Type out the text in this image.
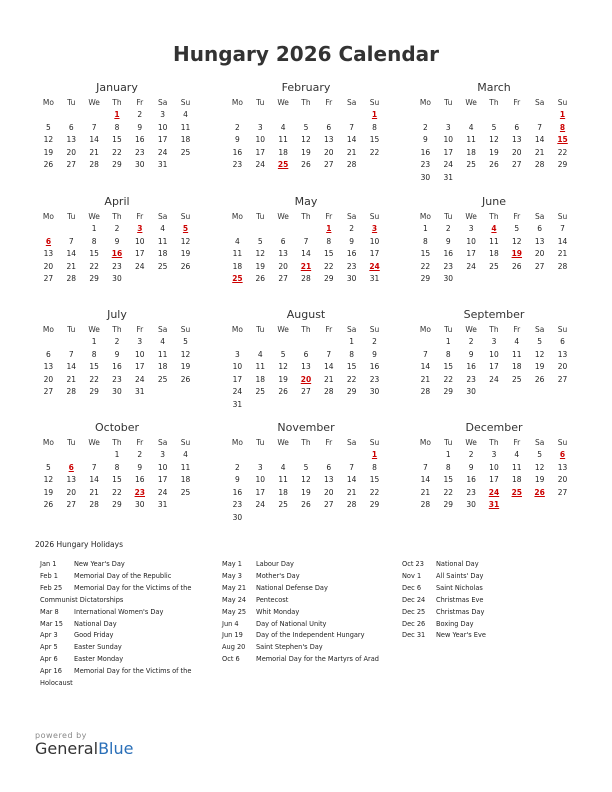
Hungary 2026 Calendar
January
Mo	Tu	We	Th	Fr	Sa	Su
			1	2	3	4
5	6	7	8	9	10	11
12	13	14	15	16	17	18
19	20	21	22	23	24	25
26	27	28	29	30	31	
February
Mo	Tu	We	Th	Fr	Sa	Su
						1
2	3	4	5	6	7	8
9	10	11	12	13	14	15
16	17	18	19	20	21	22
23	24	25	26	27	28	
March
Mo	Tu	We	Th	Fr	Sa	Su
						1
2	3	4	5	6	7	8
9	10	11	12	13	14	15
16	17	18	19	20	21	22
23	24	25	26	27	28	29
30	31					
April
Mo	Tu	We	Th	Fr	Sa	Su
		1	2	3	4	5
6	7	8	9	10	11	12
13	14	15	16	17	18	19
20	21	22	23	24	25	26
27	28	29	30			
May
Mo	Tu	We	Th	Fr	Sa	Su
				1	2	3
4	5	6	7	8	9	10
11	12	13	14	15	16	17
18	19	20	21	22	23	24
25	26	27	28	29	30	31
June
Mo	Tu	We	Th	Fr	Sa	Su
1	2	3	4	5	6	7
8	9	10	11	12	13	14
15	16	17	18	19	20	21
22	23	24	25	26	27	28
29	30					
July
Mo	Tu	We	Th	Fr	Sa	Su
		1	2	3	4	5
6	7	8	9	10	11	12
13	14	15	16	17	18	19
20	21	22	23	24	25	26
27	28	29	30	31		
August
Mo	Tu	We	Th	Fr	Sa	Su
					1	2
3	4	5	6	7	8	9
10	11	12	13	14	15	16
17	18	19	20	21	22	23
24	25	26	27	28	29	30
31						
September
Mo	Tu	We	Th	Fr	Sa	Su
	1	2	3	4	5	6
7	8	9	10	11	12	13
14	15	16	17	18	19	20
21	22	23	24	25	26	27
28	29	30				
October
Mo	Tu	We	Th	Fr	Sa	Su
			1	2	3	4
5	6	7	8	9	10	11
12	13	14	15	16	17	18
19	20	21	22	23	24	25
26	27	28	29	30	31	
November
Mo	Tu	We	Th	Fr	Sa	Su
						1
2	3	4	5	6	7	8
9	10	11	12	13	14	15
16	17	18	19	20	21	22
23	24	25	26	27	28	29
30						
December
Mo	Tu	We	Th	Fr	Sa	Su
	1	2	3	4	5	6
7	8	9	10	11	12	13
14	15	16	17	18	19	20
21	22	23	24	25	26	27
28	29	30	31			
2026 Hungary Holidays
Jan 1	New Year's Day
Feb 1	Memorial Day of the Republic
Feb 25	Memorial Day for the Victims of the
Communist Dictatorships
Mar 8	International Women's Day
Mar 15	National Day
Apr 3	Good Friday
Apr 5	Easter Sunday
Apr 6	Easter Monday
Apr 16	Memorial Day for the Victims of the
Holocaust
May 1	Labour Day
May 3	Mother's Day
May 21	National Defense Day
May 24	Pentecost
May 25	Whit Monday
Jun 4	Day of National Unity
Jun 19	Day of the Independent Hungary
Aug 20	Saint Stephen's Day
Oct 6	Memorial Day for the Martyrs of Arad
Oct 23	National Day
Nov 1	All Saints' Day
Dec 6	Saint Nicholas
Dec 24	Christmas Eve
Dec 25	Christmas Day
Dec 26	Boxing Day
Dec 31	New Year's Eve
powered by
GeneralBlue
